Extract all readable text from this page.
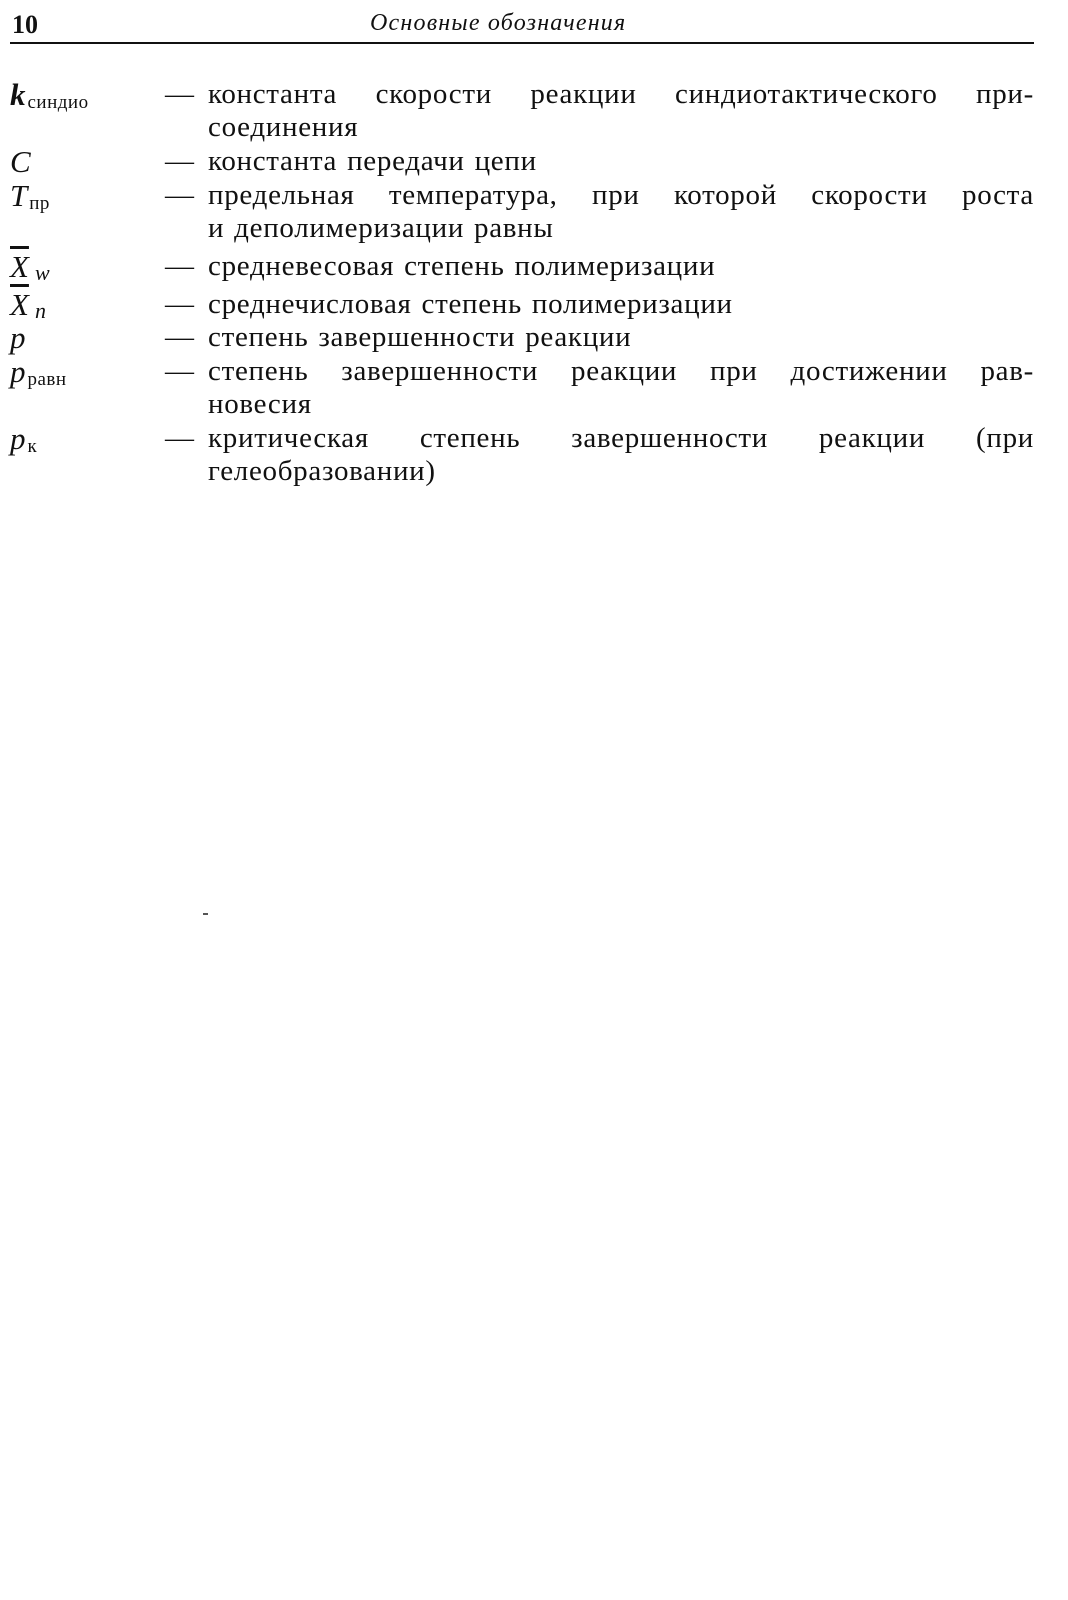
10	Основные обозначения
kсиндио	— константа скорости реакции синдиотактического при-
соединения
C	— константа передачи цепи
Tпр	— предельная температура, при которой скорости роста
и деполимеризации равны
$\overline{X}$ w	— средневесовая степень полимеризации
$\overline{X}$ n	— среднечисловая степень полимеризации
p	— степень завершенности реакции
pравн	— степень завершенности реакции при достижении рав-
новесия
pк	— критическая степень завершенности реакции (при
гелеобразовании)
